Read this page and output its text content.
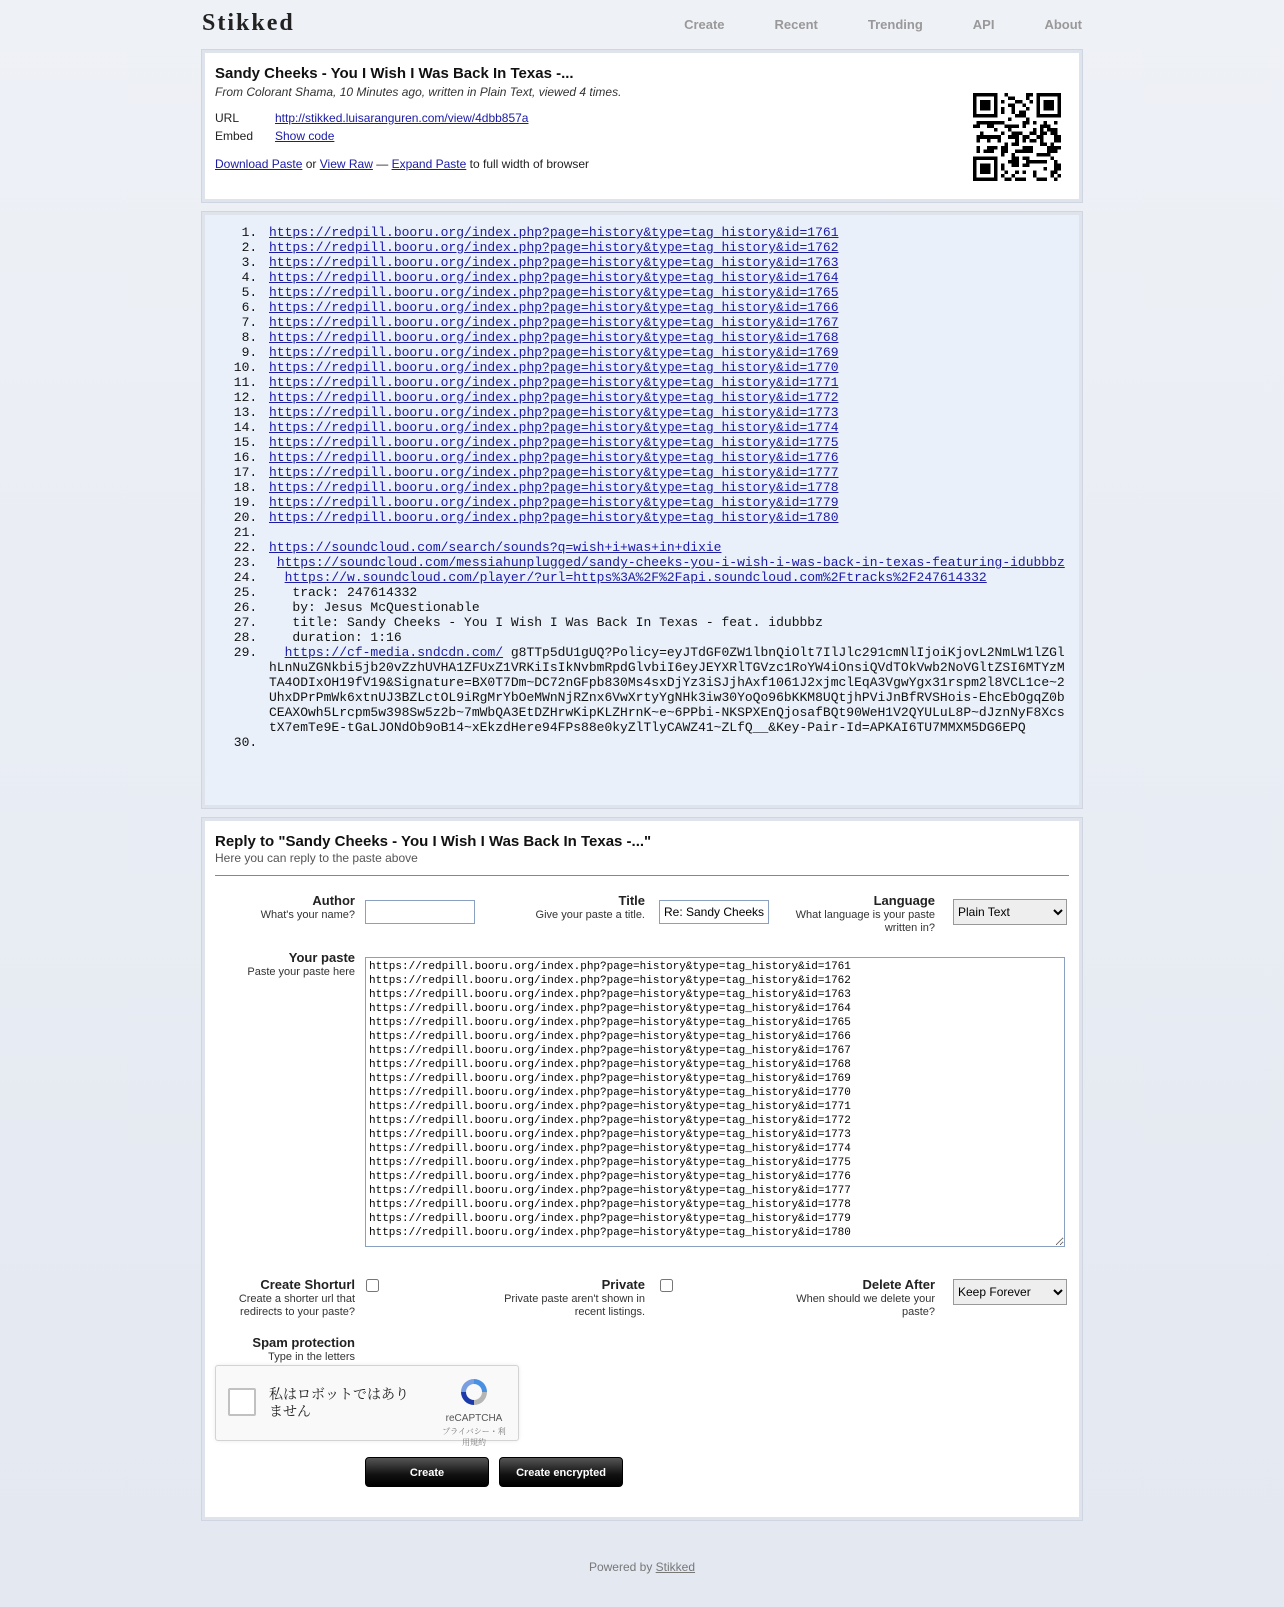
Stikked	Create	Recent	Trending	API	About
Sandy Cheeks - You I Wish I Was Back In Texas -...
From Colorant Shama, 10 Minutes ago, written in Plain Text, viewed 4 times.
URL	http://stikked.luisaranguren.com/view/4dbb857a
Embed Show code
Download Paste or View Raw — Expand Paste to full width of browser
1. https://redpill.booru.org/index.php?page=history&type=tag_history&id=1761
2. https://redpill.booru.org/index.php?page=history&type=tag_history&id=1762
3. https://redpill.booru.org/index.php?page=history&type=tag_history&id=1763
4. https://redpill.booru.org/index.php?page=history&type=tag_history&id=1764
5. https://redpill.booru.org/index.php?page=history&type=tag_history&id=1765
6. https://redpill.booru.org/index.php?page=history&type=tag_history&id=1766
7. https://redpill.booru.org/index.php?page=history&type=tag_history&id=1767
8. https://redpill.booru.org/index.php?page=history&type=tag_history&id=1768
9. https://redpill.booru.org/index.php?page=history&type=tag_history&id=1769
10. https://redpill.booru.org/index.php?page=history&type=tag_history&id=1770
11. https://redpill.booru.org/index.php?page=history&type=tag_history&id=1771
12. https://redpill.booru.org/index.php?page=history&type=tag_history&id=1772
13. https://redpill.booru.org/index.php?page=history&type=tag_history&id=1773
14. https://redpill.booru.org/index.php?page=history&type=tag_history&id=1774
15. https://redpill.booru.org/index.php?page=history&type=tag_history&id=1775
16. https://redpill.booru.org/index.php?page=history&type=tag_history&id=1776
17. https://redpill.booru.org/index.php?page=history&type=tag_history&id=1777
18. https://redpill.booru.org/index.php?page=history&type=tag_history&id=1778
19. https://redpill.booru.org/index.php?page=history&type=tag_history&id=1779
20. https://redpill.booru.org/index.php?page=history&type=tag_history&id=1780
21.
22. https://soundcloud.com/search/sounds?q=wish+i+was+in+dixie
23. https://soundcloud.com/messiahunplugged/sandy-cheeks-you-i-wish-i-was-back-in-texas-featuring-idubbbz
24. https://w.soundcloud.com/player/?url=https%3A%2F%2Fapi.soundcloud.com%2Ftracks%2F247614332
25.    track: 247614332
26.    by: Jesus McQuestionable
27.    title: Sandy Cheeks - You I Wish I Was Back In Texas - feat. idubbbz
28.    duration: 1:16
29. https://cf-media.sndcdn.com/ g8TTp5dU1gUQ?Policy=eyJTdGF0ZW1lbnQiOlt7IlJlc291cmNlIjoiKjovL2NmLW1lZGlhLnNuZGNkbi5jb20vZzhUVHA1ZFUxZ1VRKiIsIkNvbmRpdGlvbiI6eyJEYXRlTGVzc1RoYW4iOnsiQVdTOkVwb2NoVGltZSI6MTYzMTA4ODIxOH19fV19&Signature=BX0T7Dm~DC72nGFpb830Ms4sxDjYz3iSJjhAxf1061J2xjmclEqA3VgwYgx31rspm2l8VCL1ce~2UhxDPrPmWk6xtnUJ3BZLctOL9iRgMrYbOeMWnNjRZnx6VwXrtyYgNHk3iw30YoQo96bKKM8UQtjhPViJnBfRVSHois-EhcEbOgqZ0bCEAXOwh5Lrcpm5w398Sw5z2b~7mWbQA3EtDZHrwKipKLZHrnK~e~6PPbi-NKSPXEnQjosafBQt90WeH1V2QYULuL8P~dJznNyF8XcstX7emTe9E-tGaLJONdOb9oB14~xEkzdHere94FPs88e0kyZlTlyCAWZ41~ZLfQ__&Key-Pair-Id=APKAI6TU7MMXM5DG6EPQ
30.
Reply to "Sandy Cheeks - You I Wish I Was Back In Texas -..."
Here you can reply to the paste above
Author
What's your name?
Title
Give your paste a title.
Re: Sandy Cheeks
Language
What language is your paste written in?
Plain Text
Your paste
Paste your paste here
https://redpill.booru.org/index.php?page=history&type=tag_history&id=1761 https://redpill.booru.org/index.php?page=history&type=tag_history&id=1762 https://redpill.booru.org/index.php?page=history&type=tag_history&id=1763 https://redpill.booru.org/index.php?page=history&type=tag_history&id=1764 https://redpill.booru.org/index.php?page=history&type=tag_history&id=1765 https://redpill.booru.org/index.php?page=history&type=tag_history&id=1766 https://redpill.booru.org/index.php?page=history&type=tag_history&id=1767 https://redpill.booru.org/index.php?page=history&type=tag_history&id=1768 https://redpill.booru.org/index.php?page=history&type=tag_history&id=1769 https://redpill.booru.org/index.php?page=history&type=tag_history&id=1770 https://redpill.booru.org/index.php?page=history&type=tag_history&id=1771 https://redpill.booru.org/index.php?page=history&type=tag_history&id=1772 https://redpill.booru.org/index.php?page=history&type=tag_history&id=1773 https://redpill.booru.org/index.php?page=history&type=tag_history&id=1774 https://redpill.booru.org/index.php?page=history&type=tag_history&id=1775 https://redpill.booru.org/index.php?page=history&type=tag_history&id=1776 https://redpill.booru.org/index.php?page=history&type=tag_history&id=1777 https://redpill.booru.org/index.php?page=history&type=tag_history&id=1778 https://redpill.booru.org/index.php?page=history&type=tag_history&id=1779 https://redpill.booru.org/index.php?page=history&type=tag_history&id=1780
Create Shorturl
Create a shorter url that redirects to your paste?
Private
Private paste aren't shown in recent listings.
Delete After
When should we delete your paste?
Keep Forever
Spam protection
Type in the letters
私はロボットではありません	reCAPTCHA
プライバシー・利用規約
Create	Create encrypted
Powered by Stikked
